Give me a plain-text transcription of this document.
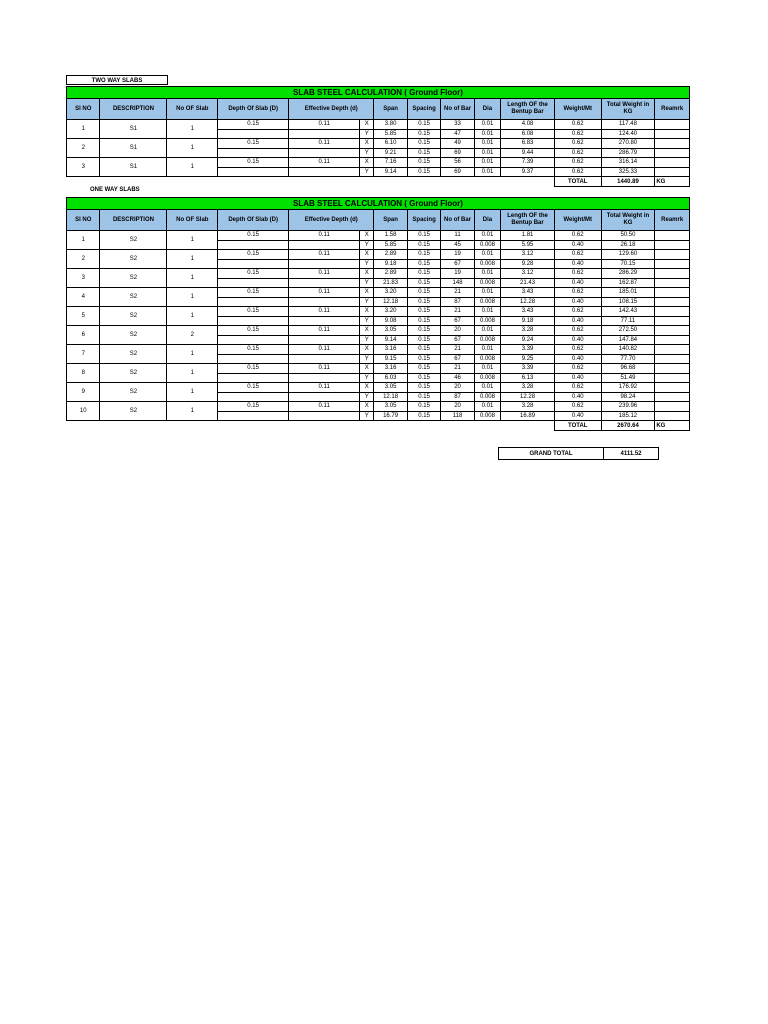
TWO WAY SLABS
SLAB STEEL CALCULATION ( Ground Floor)													
Sl NO	DESCRIPTION	No OF Slab	Depth Of Slab (D)	Effective Depth (d)		Span	Spacing	No of Bar	Dia	Length OF the Bentup Bar	Weight/Mt	Total Weight in KG	Reamrk
1	S1	1	0.15	0.11	X	3.80	0.15	33	0.01	4.08	0.62	117.48	
					Y	5.85	0.15	47	0.01	6.08	0.62	124.40	
2	S1	1	0.15	0.11	X	6.10	0.15	49	0.01	6.83	0.62	270.80	
					Y	9.21	0.15	69	0.01	9.44	0.62	286.79	
3	S1	1	0.15	0.11	X	7.16	0.15	56	0.01	7.39	0.62	316.14	
					Y	9.14	0.15	69	0.01	9.37	0.62	325.33	
											TOTAL	1440.89	KG
ONE WAY SLABS
SLAB STEEL CALCULATION ( Ground Floor)													
Sl NO	DESCRIPTION	No OF Slab	Depth Of Slab (D)	Effective Depth (d)		Span	Spacing	No of Bar	Dia	Length OF the Bentup Bar	Weight/Mt	Total Weight in KG	Reamrk
1	S2	1	0.15	0.11	X	1.58	0.15	11	0.01	1.81	0.62	50.50	
					Y	5.85	0.15	45	0.008	5.95	0.40	26.18	
2	S2	1	0.15	0.11	X	2.89	0.15	19	0.01	3.12	0.62	129.60	
					Y	9.18	0.15	67	0.008	9.28	0.40	70.15	
3	S2	1	0.15	0.11	X	2.89	0.15	19	0.01	3.12	0.62	286.29	
					Y	21.83	0.15	148	0.008	21.43	0.40	162.87	
4	S2	1	0.15	0.11	X	3.20	0.15	21	0.01	3.43	0.62	185.01	
					Y	12.18	0.15	87	0.008	12.28	0.40	108.15	
5	S2	1	0.15	0.11	X	3.20	0.15	21	0.01	3.43	0.62	142.43	
					Y	9.08	0.15	67	0.008	9.18	0.40	77.11	
6	S2	2	0.15	0.11	X	3.05	0.15	20	0.01	3.28	0.62	272.50	
					Y	9.14	0.15	67	0.008	9.24	0.40	147.84	
7	S2	1	0.15	0.11	X	3.16	0.15	21	0.01	3.39	0.62	140.82	
					Y	9.15	0.15	67	0.008	9.25	0.40	77.70	
8	S2	1	0.15	0.11	X	3.16	0.15	21	0.01	3.39	0.62	96.68	
					Y	6.03	0.15	46	0.008	6.13	0.40	51.49	
9	S2	1	0.15	0.11	X	3.05	0.15	20	0.01	3.28	0.62	176.92	
					Y	12.18	0.15	87	0.008	12.28	0.40	98.24	
10	S2	1	0.15	0.11	X	3.05	0.15	20	0.01	3.28	0.62	239.96	
					Y	16.79	0.15	118	0.008	16.89	0.40	185.12	
											TOTAL	2670.64	KG
GRAND TOTAL	4111.52
